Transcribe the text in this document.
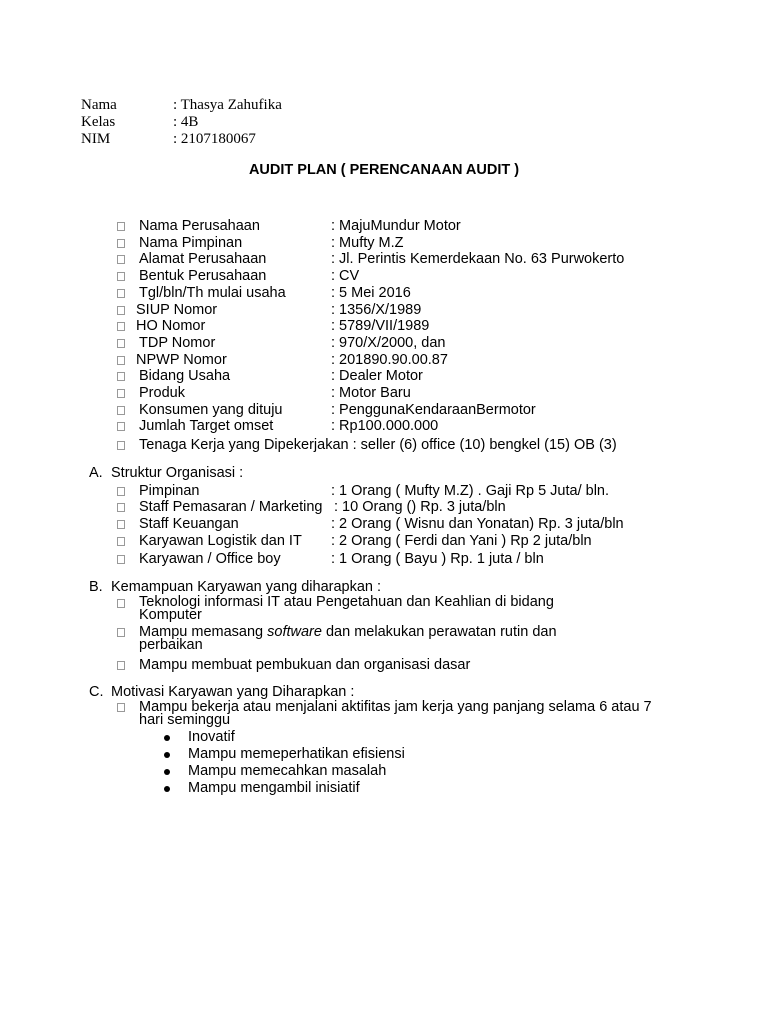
Nama	: Thasya Zahufika
Kelas	: 4B
NIM	: 2107180067
AUDIT PLAN ( PERENCANAAN AUDIT )
Nama Perusahaan	: MajuMundur Motor
Nama Pimpinan	: Mufty M.Z
Alamat Perusahaan	: Jl. Perintis Kemerdekaan No. 63 Purwokerto
Bentuk Perusahaan	: CV
Tgl/bln/Th mulai usaha	: 5 Mei 2016
SIUP Nomor	: 1356/X/1989
HO Nomor	: 5789/VII/1989
TDP Nomor	: 970/X/2000, dan
NPWP Nomor	: 201890.90.00.87
Bidang Usaha	: Dealer Motor
Produk	: Motor Baru
Konsumen yang dituju	: PenggunaKendaraanBermotor
Jumlah Target omset	: Rp100.000.000
Tenaga Kerja yang Dipekerjakan : seller (6) office (10) bengkel (15) OB (3)
A. Struktur Organisasi :
Pimpinan	: 1 Orang ( Mufty M.Z) . Gaji Rp 5 Juta/ bln.
Staff Pemasaran / Marketing : 10 Orang () Rp. 3 juta/bln
Staff Keuangan	: 2 Orang ( Wisnu dan Yonatan) Rp. 3 juta/bln
Karyawan Logistik dan IT : 2 Orang ( Ferdi dan Yani ) Rp 2 juta/bln
Karyawan / Office boy	: 1 Orang ( Bayu ) Rp. 1 juta / bln
B. Kemampuan Karyawan yang diharapkan :
Teknologi informasi IT atau Pengetahuan dan Keahlian di bidang
Komputer
Mampu memasang software dan melakukan perawatan rutin dan
perbaikan
Mampu membuat pembukuan dan organisasi dasar
C. Motivasi Karyawan yang Diharapkan :
Mampu bekerja atau menjalani aktifitas jam kerja yang panjang selama 6 atau 7
hari seminggu
Inovatif
Mampu memeperhatikan efisiensi
Mampu memecahkan masalah
Mampu mengambil inisiatif
